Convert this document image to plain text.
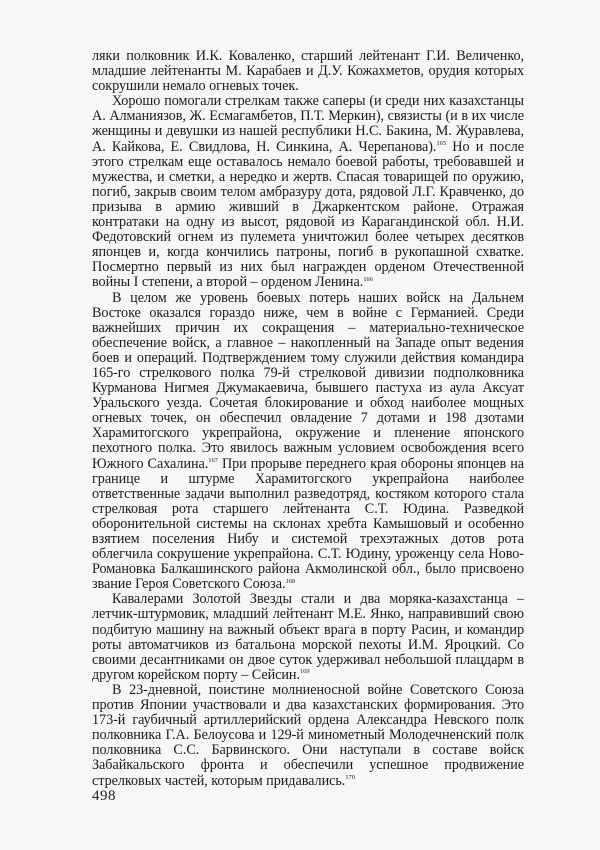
ляки полковник И.К. Коваленко, старший лейтенант Г.И. Величенко, младшие лейтенанты М. Карабаев и Д.У. Кожахметов, орудия которых сокрушили немало огневых точек.

Хорошо помогали стрелкам также саперы (и среди них казахстанцы А. Алманиязов, Ж. Есмагамбетов, П.Т. Меркин), связисты (и в их числе женщины и девушки из нашей республики Н.С. Бакина, М. Журавлева, А. Кайкова, Е. Свидлова, Н. Синкина, А. Черепанова).$^{165}$ Но и после этого стрелкам еще оставалось немало боевой работы, требовавшей и мужества, и сметки, а нередко и жертв. Спасая товарищей по оружию, погиб, закрыв своим телом амбразуру дота, рядовой Л.Г. Кравченко, до призыва в армию живший в Джаркентском районе. Отражая контратаки на одну из высот, рядовой из Карагандинской обл. Н.И. Федотовский огнем из пулемета уничтожил более четырех десятков японцев и, когда кончились патроны, погиб в рукопашной схватке. Посмертно первый из них был награжден орденом Отечественной войны I степени, а второй – орденом Ленина.$^{166}$

В целом же уровень боевых потерь наших войск на Дальнем Востоке оказался гораздо ниже, чем в войне с Германией. Среди важнейших причин их сокращения – материально-техническое обеспечение войск, а главное – накопленный на Западе опыт ведения боев и операций. Подтверждением тому служили действия командира 165-го стрелкового полка 79-й стрелковой дивизии подполковника Курманова Нигмея Джумакаевича, бывшего пастуха из аула Аксуат Уральского уезда. Сочетая блокирование и обход наиболее мощных огневых точек, он обеспечил овладение 7 дотами и 198 дзотами Харамитогского укрепрайона, окружение и пленение японского пехотного полка. Это явилось важным условием освобождения всего Южного Сахалина.$^{167}$ При прорыве переднего края обороны японцев на границе и штурме Харамитогского укрепрайона наиболее ответственные задачи выполнил разведотряд, костяком которого стала стрелковая рота старшего лейтенанта С.Т. Юдина. Разведкой оборонительной системы на склонах хребта Камышовый и особенно взятием поселения Нибу и системой трехэтажных дотов рота облегчила сокрушение укрепрайона. С.Т. Юдину, уроженцу села Ново-Романовка Балкашинского района Акмолинской обл., было присвоено звание Героя Советского Союза.$^{168}$

Кавалерами Золотой Звезды стали и два моряка-казахстанца – летчик-штурмовик, младший лейтенант М.Е. Янко, направивший свою подбитую машину на важный объект врага в порту Расин, и командир роты автоматчиков из батальона морской пехоты И.М. Яроцкий. Со своими десантниками он двое суток удерживал небольшой плацдарм в другом корейском порту – Сейсин.$^{169}$

В 23-дневной, поистине молниеносной войне Советского Союза против Японии участвовали и два казахстанских формирования. Это 173-й гаубичный артиллерийский ордена Александра Невского полк полковника Г.А. Белоусова и 129-й минометный Молодечненский полк полковника С.С. Барвинского. Они наступали в составе войск Забайкальского фронта и обеспечили успешное продвижение стрелковых частей, которым придавались.$^{170}$

498
